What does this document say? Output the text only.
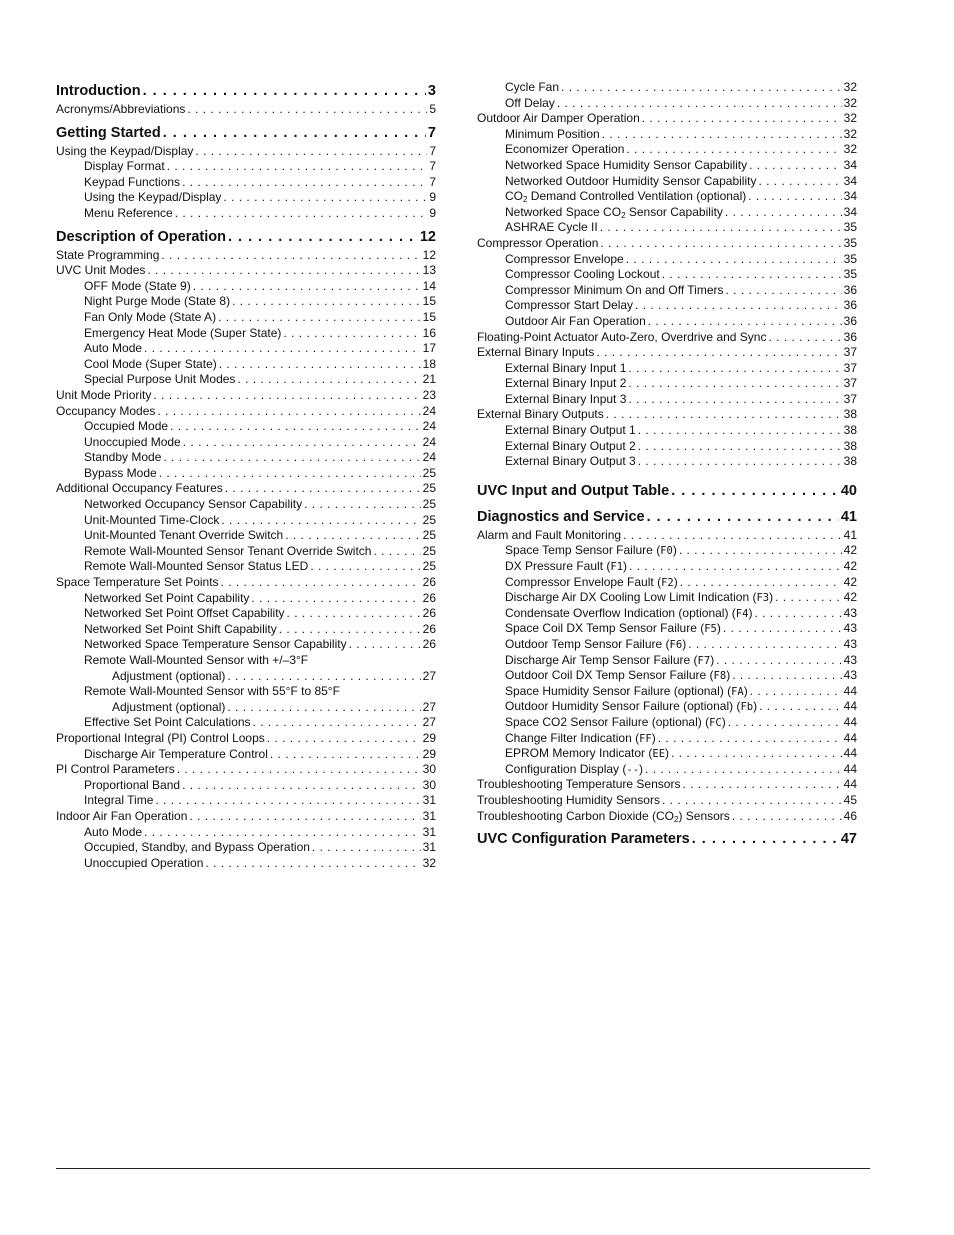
Introduction . . .	3
Acronyms/Abbreviations . . .	5
Getting Started . . .	7
Using the Keypad/Display . . .	7
Display Format . . .	7
Keypad Functions . . .	7
Using the Keypad/Display . . .	9
Menu Reference . . .	9
Description of Operation . . .	12
State Programming . . .	12
UVC Unit Modes . . .	13
OFF Mode (State 9) . . .	14
Night Purge Mode (State 8) . . .	15
Fan Only Mode (State A) . . .	15
Emergency Heat Mode (Super State) . . .	16
Auto Mode . . .	17
Cool Mode (Super State) . . .	18
Special Purpose Unit Modes . . .	21
Unit Mode Priority . . .	23
Occupancy Modes . . .	24
Occupied Mode . . .	24
Unoccupied Mode . . .	24
Standby Mode . . .	24
Bypass Mode . . .	25
Additional Occupancy Features . . .	25
Networked Occupancy Sensor Capability . . .	25
Unit-Mounted Time-Clock . . .	25
Unit-Mounted Tenant Override Switch . . .	25
Remote Wall-Mounted Sensor Tenant Override Switch . . .	25
Remote Wall-Mounted Sensor Status LED . . .	25
Space Temperature Set Points . . .	26
Networked Set Point Capability . . .	26
Networked Set Point Offset Capability . . .	26
Networked Set Point Shift Capability . . .	26
Networked Space Temperature Sensor Capability . . .	26
Remote Wall-Mounted Sensor with +/–3°F
Adjustment (optional) . . .	27
Remote Wall-Mounted Sensor with 55°F to 85°F
Adjustment (optional) . . .	27
Effective Set Point Calculations . . .	27
Proportional Integral (PI) Control Loops . . .	29
Discharge Air Temperature Control . . .	29
PI Control Parameters . . .	30
Proportional Band . . .	30
Integral Time . . .	31
Indoor Air Fan Operation . . .	31
Auto Mode . . .	31
Occupied, Standby, and Bypass Operation . . .	31
Unoccupied Operation . . .	32
Cycle Fan . . .	32
Off Delay . . .	32
Outdoor Air Damper Operation . . .	32
Minimum Position . . .	32
Economizer Operation . . .	32
Networked Space Humidity Sensor Capability . . .	34
Networked Outdoor Humidity Sensor Capability . . .	34
$CO_2$ Demand Controlled Ventilation (optional) . . .	34
Networked Space $CO_2$ Sensor Capability . . .	34
ASHRAE Cycle II . . .	35
Compressor Operation . . .	35
Compressor Envelope . . .	35
Compressor Cooling Lockout . . .	35
Compressor Minimum On and Off Timers . . .	36
Compressor Start Delay . . .	36
Outdoor Air Fan Operation . . .	36
Floating-Point Actuator Auto-Zero, Overdrive and Sync . . .	36
External Binary Inputs . . .	37
External Binary Input 1 . . .	37
External Binary Input 2 . . .	37
External Binary Input 3 . . .	37
External Binary Outputs . . .	38
External Binary Output 1 . . .	38
External Binary Output 2 . . .	38
External Binary Output 3 . . .	38
UVC Input and Output Table . . .	40
Diagnostics and Service . . .	41
Alarm and Fault Monitoring . . .	41
Space Temp Sensor Failure (F0) . . .	42
DX Pressure Fault (F1) . . .	42
Compressor Envelope Fault (F2) . . .	42
Discharge Air DX Cooling Low Limit Indication (F3) . . .	42
Condensate Overflow Indication (optional) (F4) . . .	43
Space Coil DX Temp Sensor Failure (F5) . . .	43
Outdoor Temp Sensor Failure (F6) . . .	43
Discharge Air Temp Sensor Failure (F7) . . .	43
Outdoor Coil DX Temp Sensor Failure (F8) . . .	43
Space Humidity Sensor Failure (optional) (FA) . . .	44
Outdoor Humidity Sensor Failure (optional) (Fb) . . .	44
Space CO2 Sensor Failure (optional) (FC) . . .	44
Change Filter Indication (FF) . . .	44
EPROM Memory Indicator (EE) . . .	44
Configuration Display (--) . . .	44
Troubleshooting Temperature Sensors . . .	44
Troubleshooting Humidity Sensors . . .	45
Troubleshooting Carbon Dioxide $(CO_2)$ Sensors . . .	46
UVC Configuration Parameters . . .	47
